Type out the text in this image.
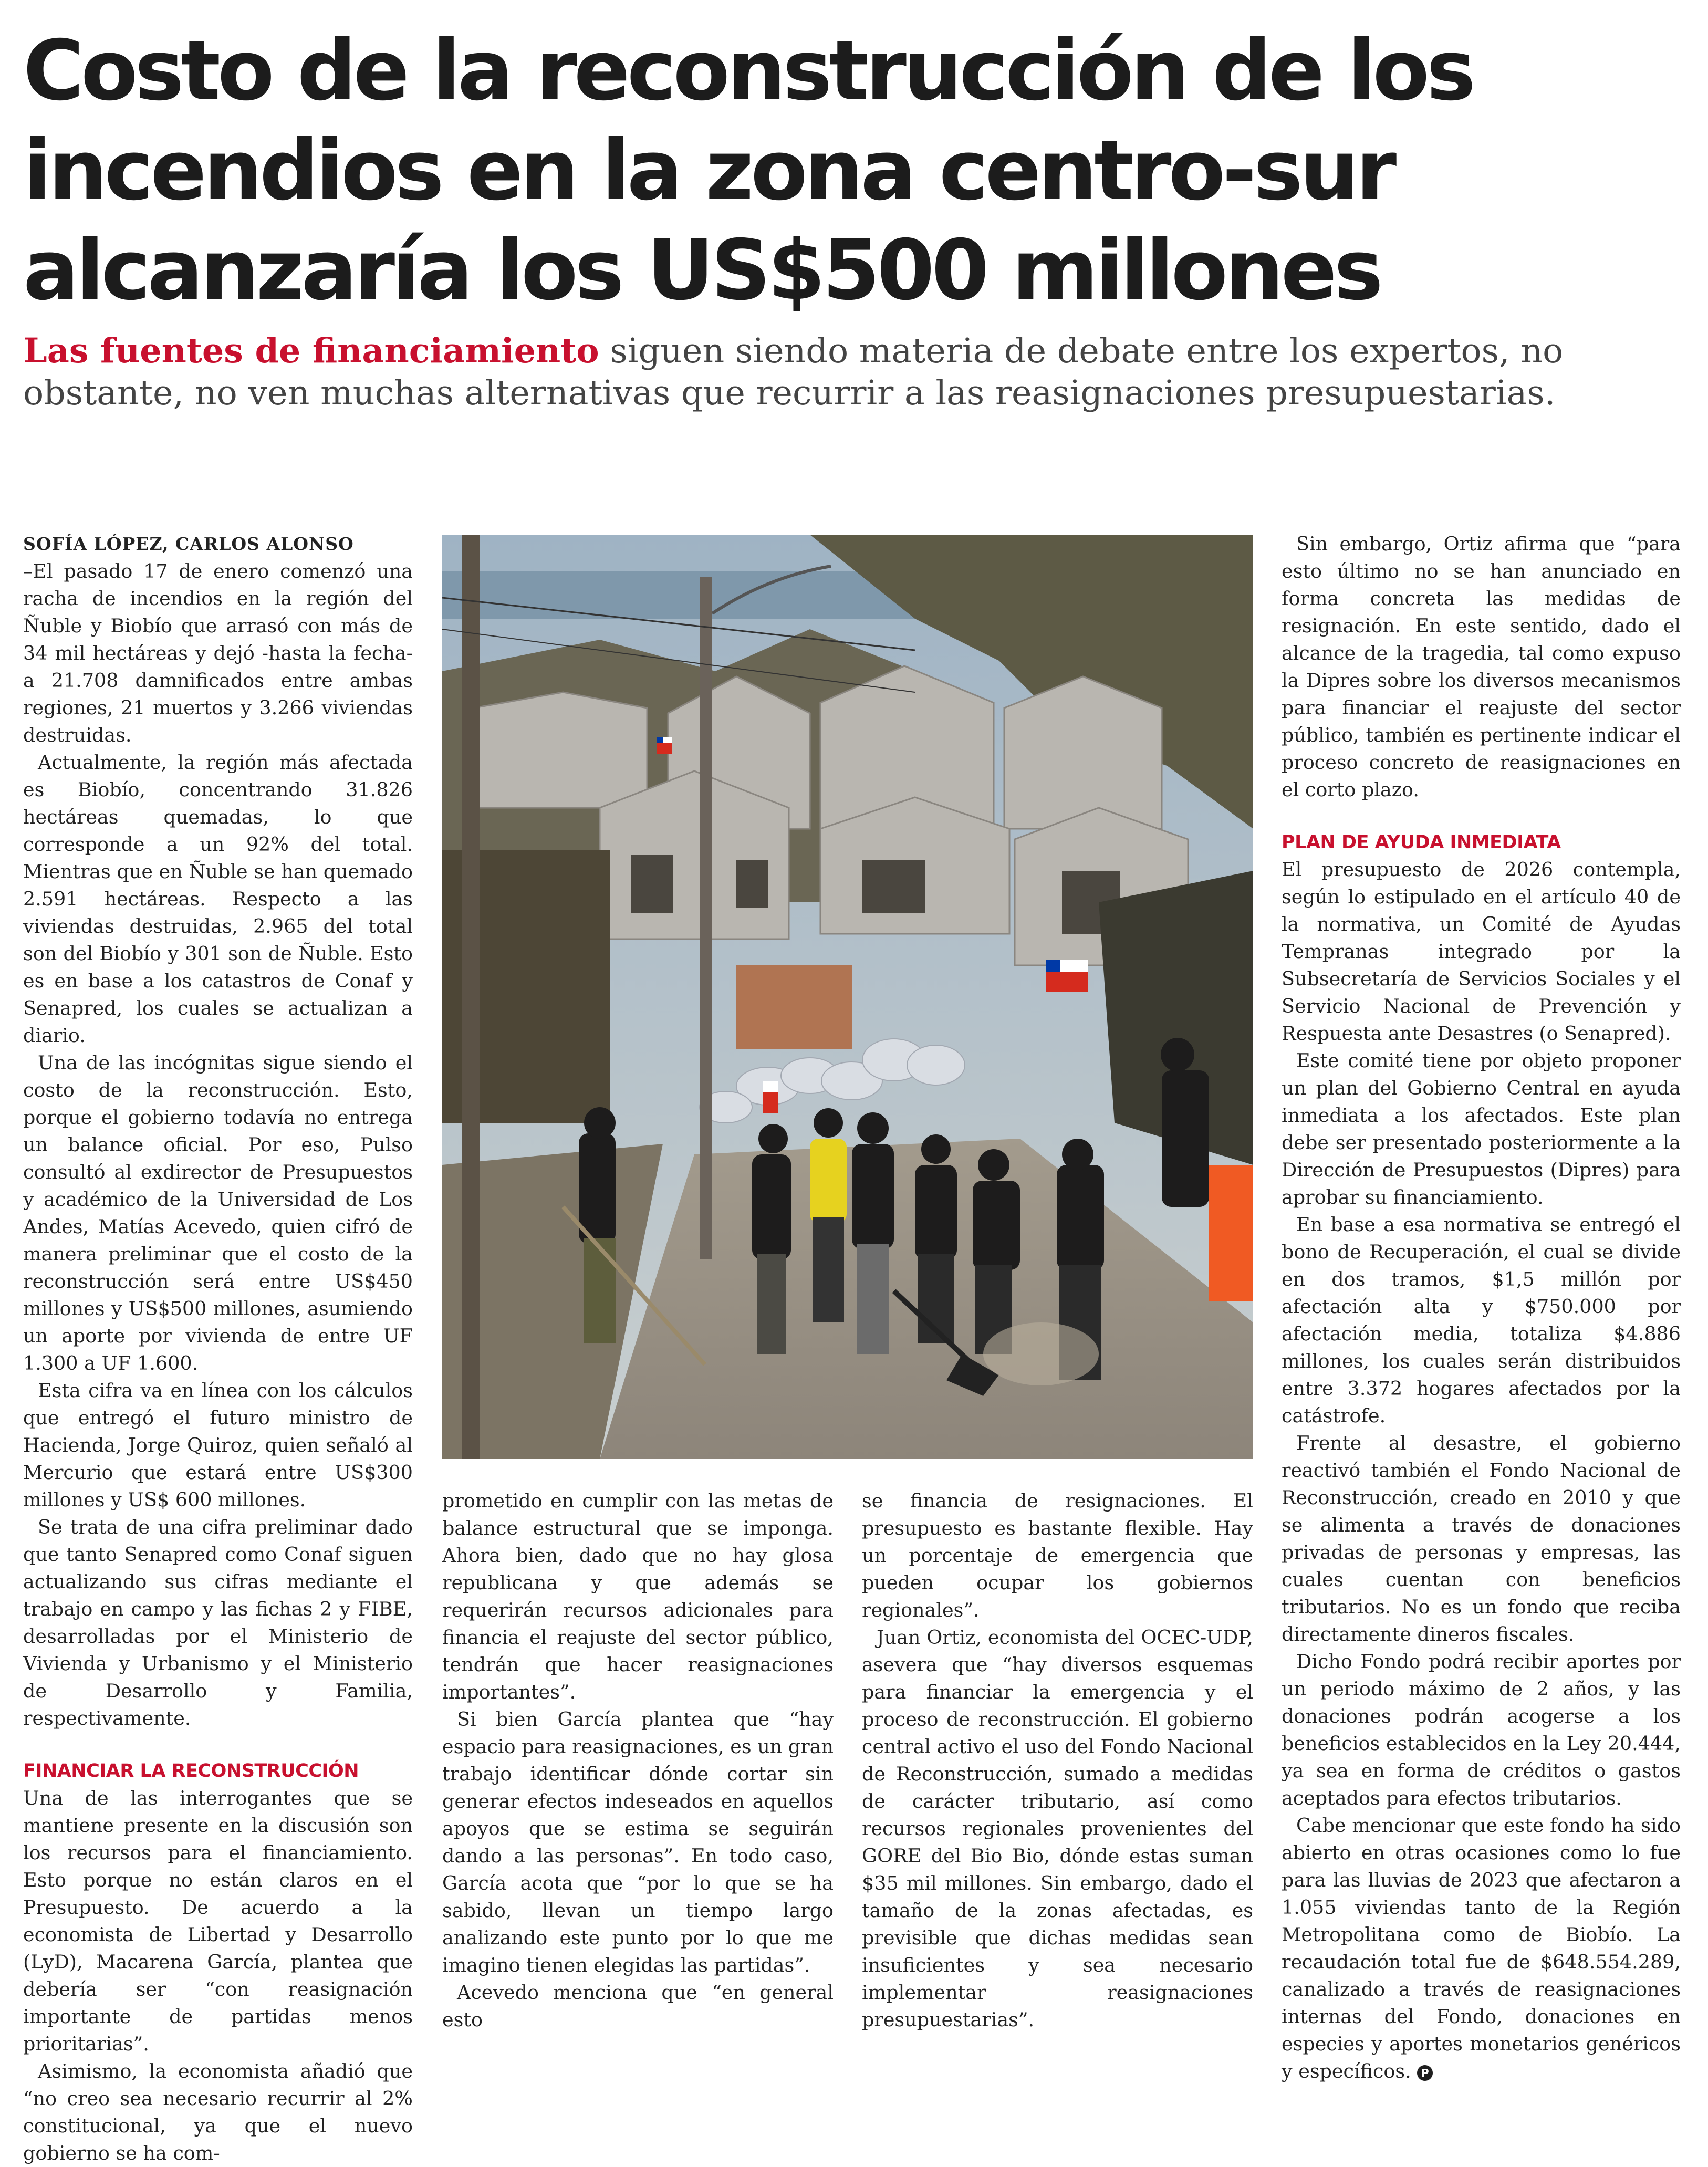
Costo de la reconstrucción de los incendios en la zona centro-sur alcanzaría los US$500 millones

Las fuentes de financiamiento siguen siendo materia de debate entre los expertos, no obstante, no ven muchas alternativas que recurrir a las reasignaciones presupuestarias.

SOFÍA LÓPEZ, CARLOS ALONSO

–El pasado 17 de enero comenzó una racha de incendios en la región del Ñuble y Biobío que arrasó con más de 34 mil hectáreas y dejó -hasta la fecha- a 21.708 damnificados entre ambas regiones, 21 muertos y 3.266 viviendas destruidas.

Actualmente, la región más afectada es Biobío, concentrando 31.826 hectáreas quemadas, lo que corresponde a un 92% del total. Mientras que en Ñuble se han quemado 2.591 hectáreas. Respecto a las viviendas destruidas, 2.965 del total son del Biobío y 301 son de Ñuble. Esto es en base a los catastros de Conaf y Senapred, los cuales se actualizan a diario.

Una de las incógnitas sigue siendo el costo de la reconstrucción. Esto, porque el gobierno todavía no entrega un balance oficial. Por eso, Pulso consultó al exdirector de Presupuestos y académico de la Universidad de Los Andes, Matías Acevedo, quien cifró de manera preliminar que el costo de la reconstrucción será entre US$450 millones y US$500 millones, asumiendo un aporte por vivienda de entre UF 1.300 a UF 1.600.

Esta cifra va en línea con los cálculos que entregó el futuro ministro de Hacienda, Jorge Quiroz, quien señaló al Mercurio que estará entre US$300 millones y US$ 600 millones.

Se trata de una cifra preliminar dado que tanto Senapred como Conaf siguen actualizando sus cifras mediante el trabajo en campo y las fichas 2 y FIBE, desarrolladas por el Ministerio de Vivienda y Urbanismo y el Ministerio de Desarrollo y Familia, respectivamente.

FINANCIAR LA RECONSTRUCCIÓN

Una de las interrogantes que se mantiene presente en la discusión son los recursos para el financiamiento. Esto porque no están claros en el Presupuesto. De acuerdo a la economista de Libertad y Desarrollo (LyD), Macarena García, plantea que debería ser “con reasignación importante de partidas menos prioritarias”.

Asimismo, la economista añadió que “no creo sea necesario recurrir al 2% constitucional, ya que el nuevo gobierno se ha com-

prometido en cumplir con las metas de balance estructural que se imponga. Ahora bien, dado que no hay glosa republicana y que además se requerirán recursos adicionales para financia el reajuste del sector público, tendrán que hacer reasignaciones importantes”.

Si bien García plantea que “hay espacio para reasignaciones, es un gran trabajo identificar dónde cortar sin generar efectos indeseados en aquellos apoyos que se estima se seguirán dando a las personas”. En todo caso, García acota que “por lo que se ha sabido, llevan un tiempo largo analizando este punto por lo que me imagino tienen elegidas las partidas”.

Acevedo menciona que “en general esto

se financia de resignaciones. El presupuesto es bastante flexible. Hay un porcentaje de emergencia que pueden ocupar los gobiernos regionales”.

Juan Ortiz, economista del OCEC-UDP, asevera que “hay diversos esquemas para financiar la emergencia y el proceso de reconstrucción. El gobierno central activo el uso del Fondo Nacional de Reconstrucción, sumado a medidas de carácter tributario, así como recursos regionales provenientes del GORE del Bio Bio, dónde estas suman $35 mil millones. Sin embargo, dado el tamaño de la zonas afectadas, es previsible que dichas medidas sean insuficientes y sea necesario implementar reasignaciones presupuestarias”.

Sin embargo, Ortiz afirma que “para esto último no se han anunciado en forma concreta las medidas de resignación. En este sentido, dado el alcance de la tragedia, tal como expuso la Dipres sobre los diversos mecanismos para financiar el reajuste del sector público, también es pertinente indicar el proceso concreto de reasignaciones en el corto plazo.

PLAN DE AYUDA INMEDIATA

El presupuesto de 2026 contempla, según lo estipulado en el artículo 40 de la normativa, un Comité de Ayudas Tempranas integrado por la Subsecretaría de Servicios Sociales y el Servicio Nacional de Prevención y Respuesta ante Desastres (o Senapred).

Este comité tiene por objeto proponer un plan del Gobierno Central en ayuda inmediata a los afectados. Este plan debe ser presentado posteriormente a la Dirección de Presupuestos (Dipres) para aprobar su financiamiento.

En base a esa normativa se entregó el bono de Recuperación, el cual se divide en dos tramos, $1,5 millón por afectación alta y $750.000 por afectación media, totaliza $4.886 millones, los cuales serán distribuidos entre 3.372 hogares afectados por la catástrofe.

Frente al desastre, el gobierno reactivó también el Fondo Nacional de Reconstrucción, creado en 2010 y que se alimenta a través de donaciones privadas de personas y empresas, las cuales cuentan con beneficios tributarios. No es un fondo que reciba directamente dineros fiscales.

Dicho Fondo podrá recibir aportes por un periodo máximo de 2 años, y las donaciones podrán acogerse a los beneficios establecidos en la Ley 20.444, ya sea en forma de créditos o gastos aceptados para efectos tributarios.

Cabe mencionar que este fondo ha sido abierto en otras ocasiones como lo fue para las lluvias de 2023 que afectaron a 1.055 viviendas tanto de la Región Metropolitana como de Biobío. La recaudación total fue de $648.554.289, canalizado a través de reasignaciones internas del Fondo, donaciones en especies y aportes monetarios genéricos y específicos. P
